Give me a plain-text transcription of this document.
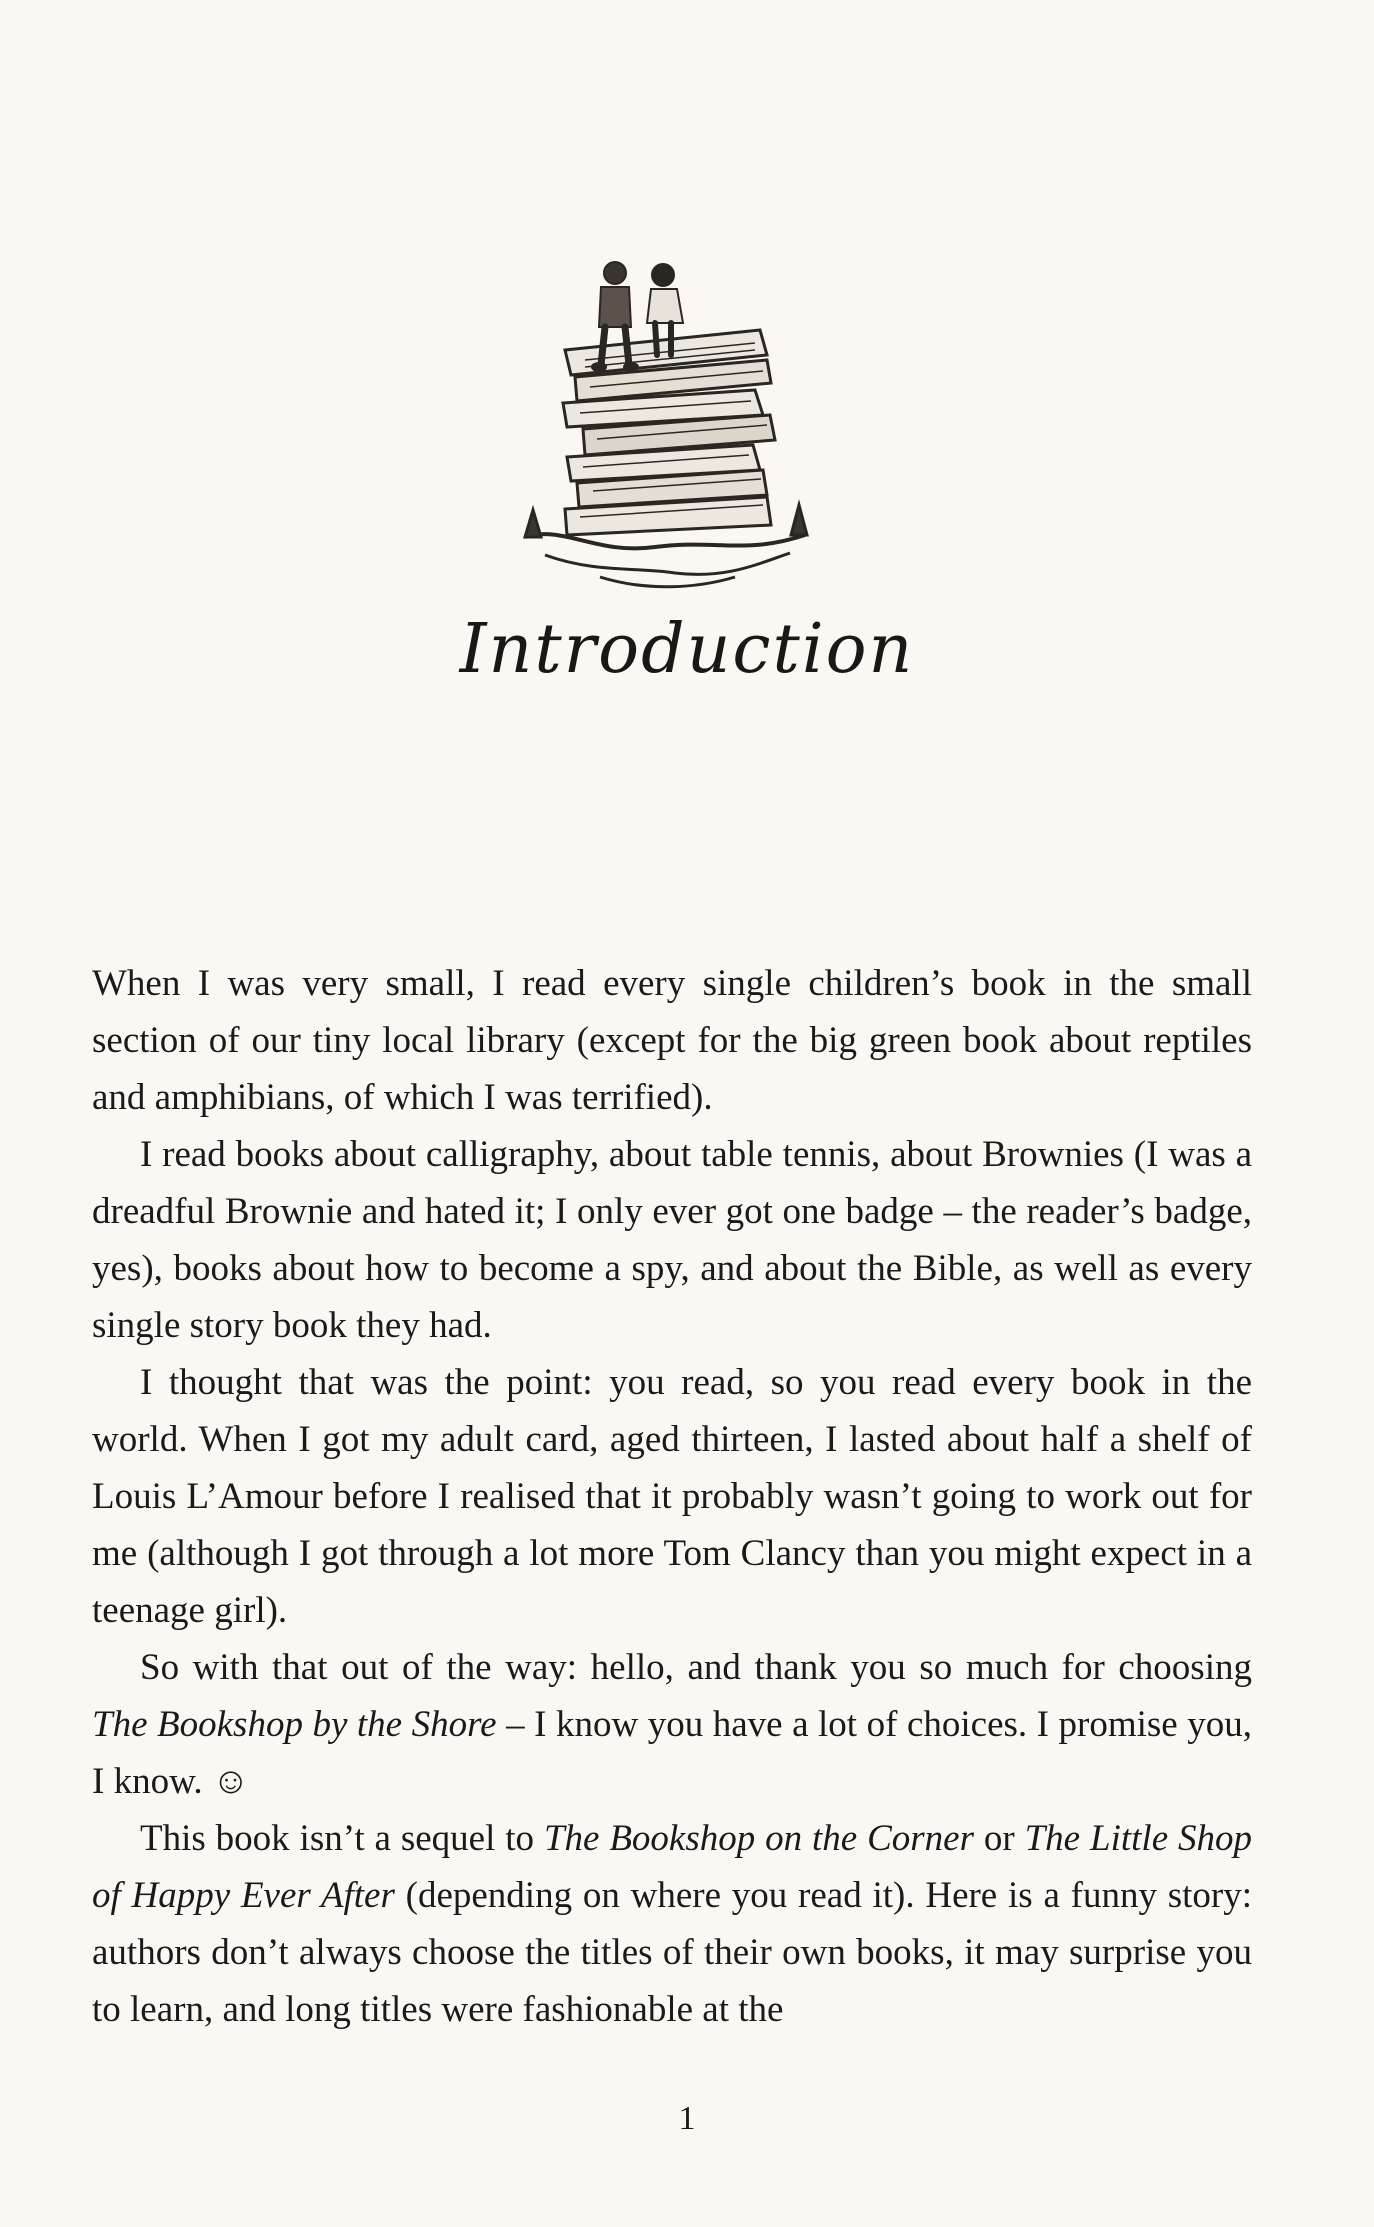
Introduction

When I was very small, I read every single children’s book in the small section of our tiny local library (except for the big green book about reptiles and amphibians, of which I was terrified).

I read books about calligraphy, about table tennis, about Brownies (I was a dreadful Brownie and hated it; I only ever got one badge – the reader’s badge, yes), books about how to become a spy, and about the Bible, as well as every single story book they had.

I thought that was the point: you read, so you read every book in the world. When I got my adult card, aged thirteen, I lasted about half a shelf of Louis L’Amour before I realised that it probably wasn’t going to work out for me (although I got through a lot more Tom Clancy than you might expect in a teenage girl).

So with that out of the way: hello, and thank you so much for choosing The Bookshop by the Shore – I know you have a lot of choices. I promise you, I know. ☺

This book isn’t a sequel to The Bookshop on the Corner or The Little Shop of Happy Ever After (depending on where you read it). Here is a funny story: authors don’t always choose the titles of their own books, it may surprise you to learn, and long titles were fashionable at the

1
